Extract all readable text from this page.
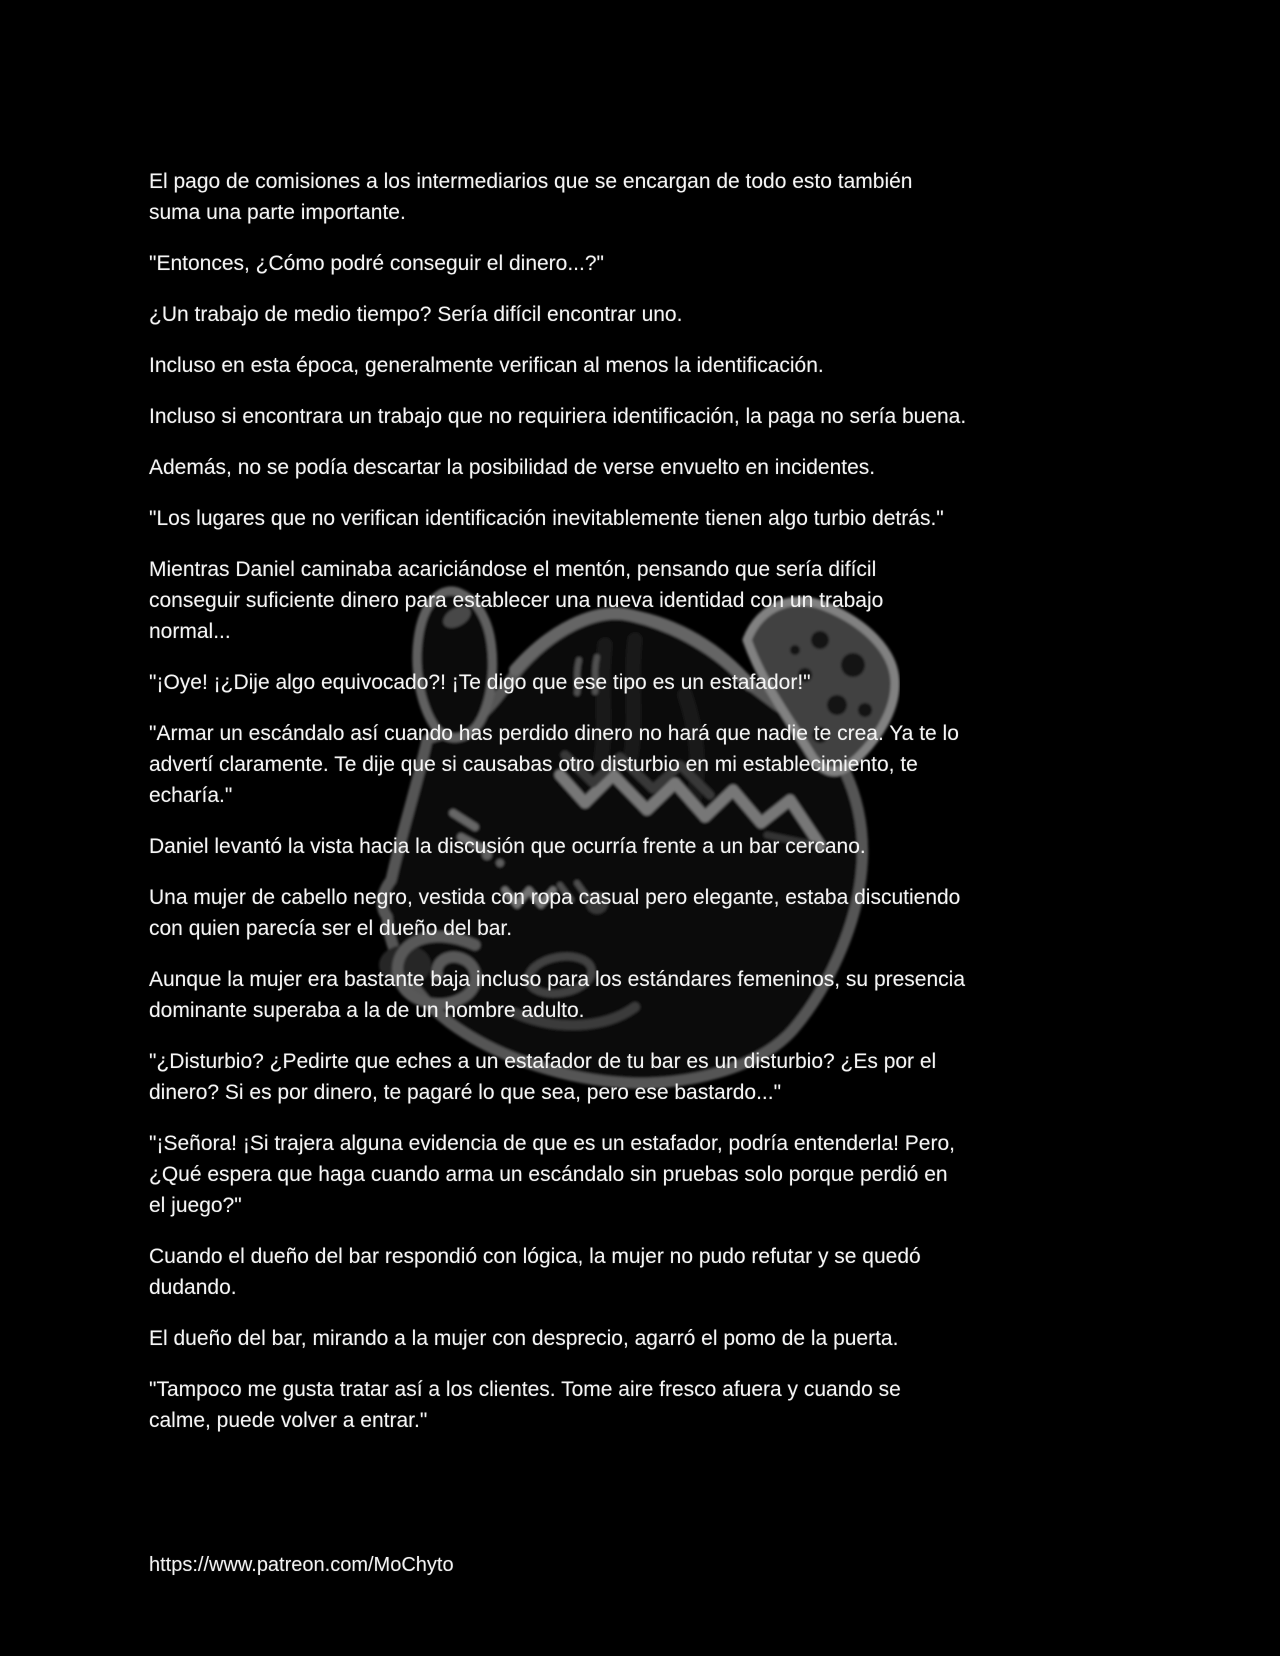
El pago de comisiones a los intermediarios que se encargan de todo esto también
suma una parte importante.

"Entonces, ¿Cómo podré conseguir el dinero...?"

¿Un trabajo de medio tiempo? Sería difícil encontrar uno.

Incluso en esta época, generalmente verifican al menos la identificación.

Incluso si encontrara un trabajo que no requiriera identificación, la paga no sería buena.

Además, no se podía descartar la posibilidad de verse envuelto en incidentes.

"Los lugares que no verifican identificación inevitablemente tienen algo turbio detrás."

Mientras Daniel caminaba acariciándose el mentón, pensando que sería difícil
conseguir suficiente dinero para establecer una nueva identidad con un trabajo
normal...

"¡Oye! ¡¿Dije algo equivocado?! ¡Te digo que ese tipo es un estafador!"

"Armar un escándalo así cuando has perdido dinero no hará que nadie te crea. Ya te lo
advertí claramente. Te dije que si causabas otro disturbio en mi establecimiento, te
echaría."

Daniel levantó la vista hacia la discusión que ocurría frente a un bar cercano.

Una mujer de cabello negro, vestida con ropa casual pero elegante, estaba discutiendo
con quien parecía ser el dueño del bar.

Aunque la mujer era bastante baja incluso para los estándares femeninos, su presencia
dominante superaba a la de un hombre adulto.

"¿Disturbio? ¿Pedirte que eches a un estafador de tu bar es un disturbio? ¿Es por el
dinero? Si es por dinero, te pagaré lo que sea, pero ese bastardo..."

"¡Señora! ¡Si trajera alguna evidencia de que es un estafador, podría entenderla! Pero,
¿Qué espera que haga cuando arma un escándalo sin pruebas solo porque perdió en
el juego?"

Cuando el dueño del bar respondió con lógica, la mujer no pudo refutar y se quedó
dudando.

El dueño del bar, mirando a la mujer con desprecio, agarró el pomo de la puerta.

"Tampoco me gusta tratar así a los clientes. Tome aire fresco afuera y cuando se
calme, puede volver a entrar."

https://www.patreon.com/MoChyto
